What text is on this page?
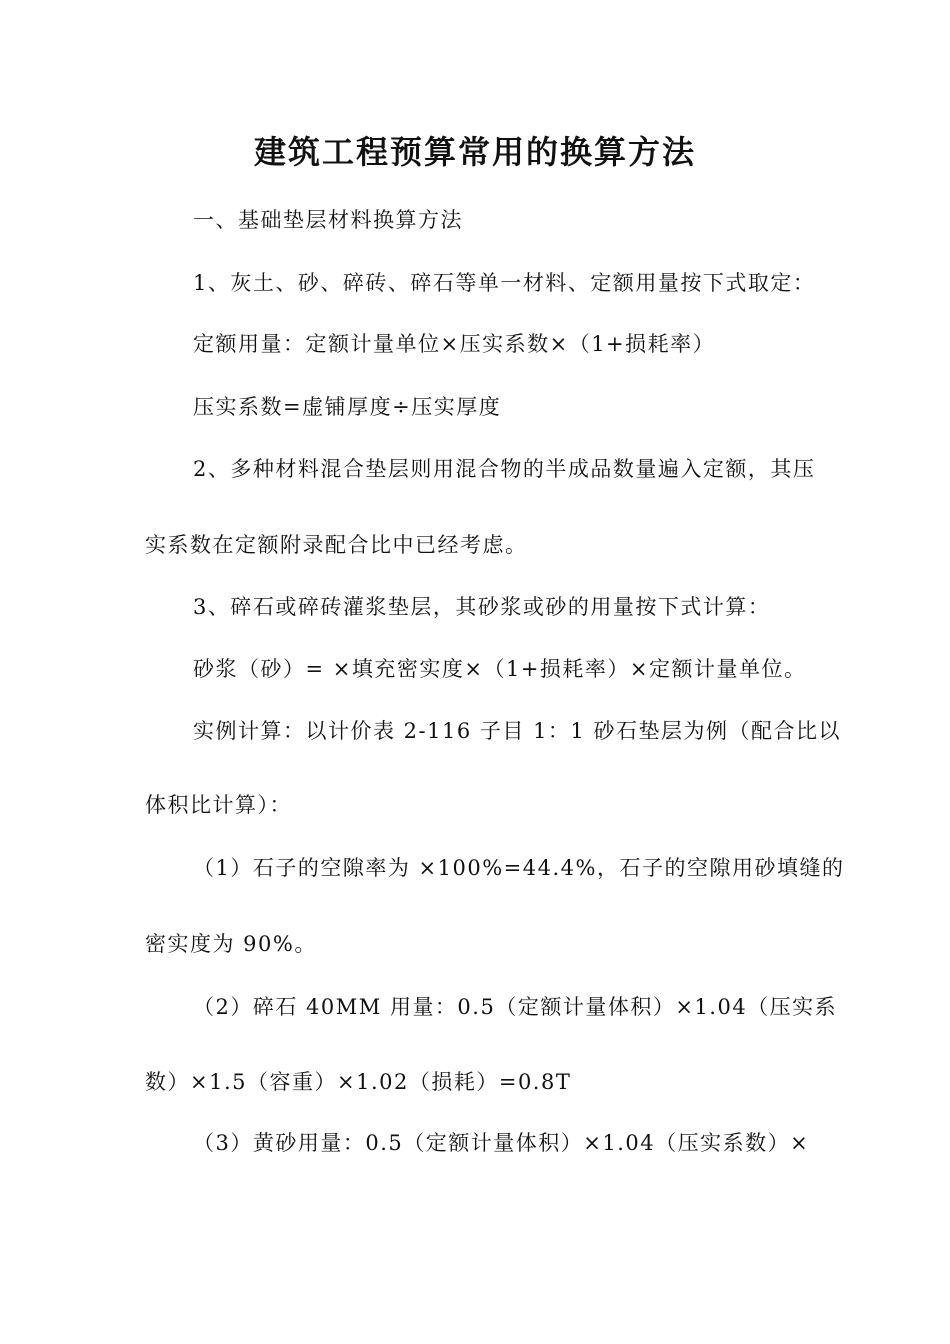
建筑工程预算常用的换算方法
一、基础垫层材料换算方法
1、灰土、砂、碎砖、碎石等单一材料、定额用量按下式取定：
定额用量：定额计量单位×压实系数×（1+损耗率）
压实系数=虚铺厚度÷压实厚度
2、多种材料混合垫层则用混合物的半成品数量遍入定额，其压
实系数在定额附录配合比中已经考虑。
3、碎石或碎砖灌浆垫层，其砂浆或砂的用量按下式计算：
砂浆（砂）= ×填充密实度×（1+损耗率）×定额计量单位。
实例计算：以计价表 2-116 子目 1：1 砂石垫层为例（配合比以
体积比计算）：
（1）石子的空隙率为 ×100%=44.4%，石子的空隙用砂填缝的
密实度为 90%。
（2）碎石 40MM 用量：0.5（定额计量体积）×1.04（压实系
数）×1.5（容重）×1.02（损耗）=0.8T
（3）黄砂用量：0.5（定额计量体积）×1.04（压实系数）×
